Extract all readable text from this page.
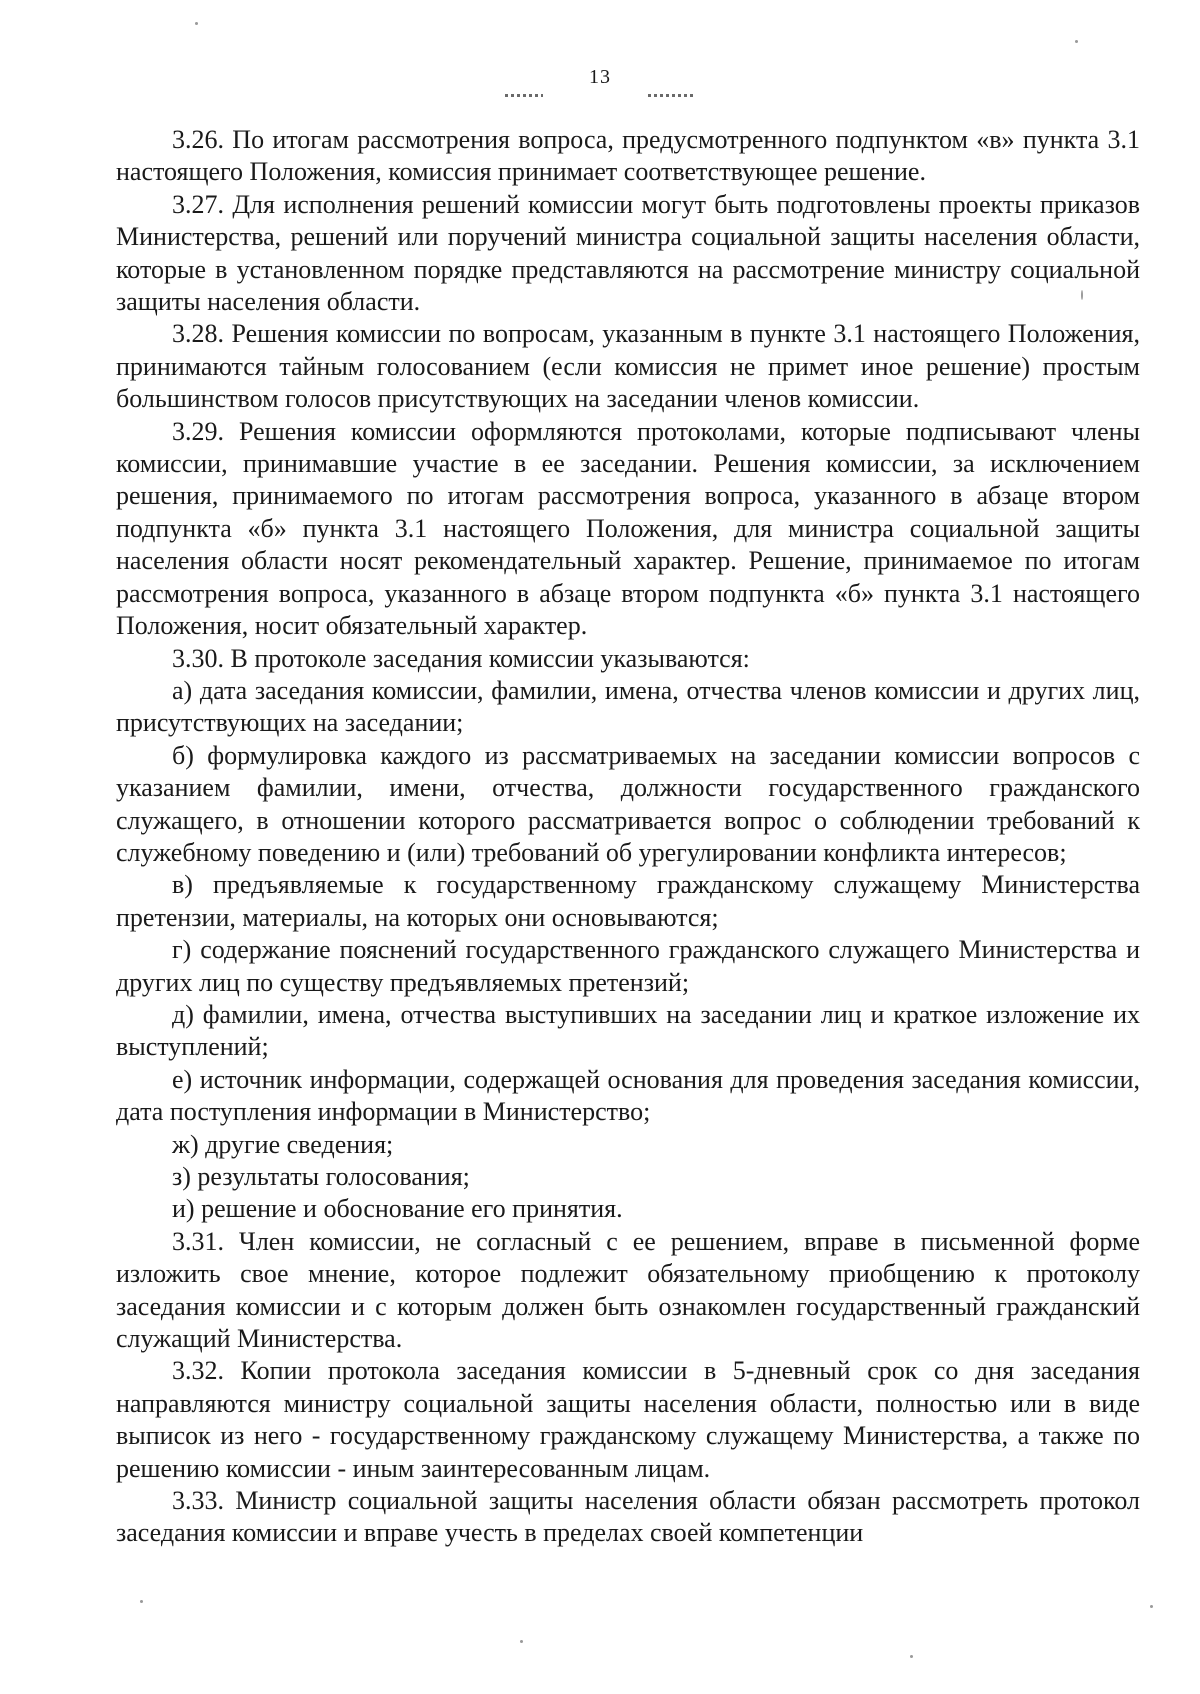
13

3.26. По итогам рассмотрения вопроса, предусмотренного подпунктом «в» пункта 3.1 настоящего Положения, комиссия принимает соответствующее решение.

3.27. Для исполнения решений комиссии могут быть подготовлены проекты приказов Министерства, решений или поручений министра социальной защиты населения области, которые в установленном порядке представляются на рассмотрение министру социальной защиты населения области.

3.28. Решения комиссии по вопросам, указанным в пункте 3.1 настоящего Положения, принимаются тайным голосованием (если комиссия не примет иное решение) простым большинством голосов присутствующих на заседании членов комиссии.

3.29. Решения комиссии оформляются протоколами, которые подписывают члены комиссии, принимавшие участие в ее заседании. Решения комиссии, за исключением решения, принимаемого по итогам рассмотрения вопроса, указанного в абзаце втором подпункта «б» пункта 3.1 настоящего Положения, для министра социальной защиты населения области носят рекомендательный характер. Решение, принимаемое по итогам рассмотрения вопроса, указанного в абзаце втором подпункта «б» пункта 3.1 настоящего Положения, носит обязательный характер.

3.30. В протоколе заседания комиссии указываются:

а) дата заседания комиссии, фамилии, имена, отчества членов комиссии и других лиц, присутствующих на заседании;

б) формулировка каждого из рассматриваемых на заседании комиссии вопросов с указанием фамилии, имени, отчества, должности государственного гражданского служащего, в отношении которого рассматривается вопрос о соблюдении требований к служебному поведению и (или) требований об урегулировании конфликта интересов;

в) предъявляемые к государственному гражданскому служащему Министерства претензии, материалы, на которых они основываются;

г) содержание пояснений государственного гражданского служащего Министерства и других лиц по существу предъявляемых претензий;

д) фамилии, имена, отчества выступивших на заседании лиц и краткое изложение их выступлений;

е) источник информации, содержащей основания для проведения заседания комиссии, дата поступления информации в Министерство;

ж) другие сведения;

з) результаты голосования;

и) решение и обоснование его принятия.

3.31. Член комиссии, не согласный с ее решением, вправе в письменной форме изложить свое мнение, которое подлежит обязательному приобщению к протоколу заседания комиссии и с которым должен быть ознакомлен государственный гражданский служащий Министерства.

3.32. Копии протокола заседания комиссии в 5-дневный срок со дня заседания направляются министру социальной защиты населения области, полностью или в виде выписок из него - государственному гражданскому служащему Министерства, а также по решению комиссии - иным заинтересованным лицам.

3.33. Министр социальной защиты населения области обязан рассмотреть протокол заседания комиссии и вправе учесть в пределах своей компетенции
